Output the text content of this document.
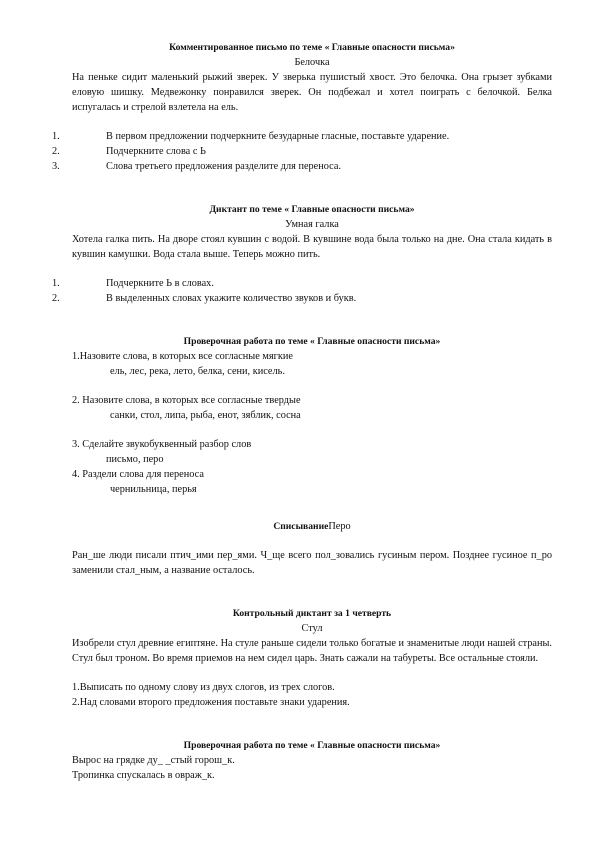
Комментированное письмо по теме « Главные опасности письма»
Белочка

На пеньке сидит маленький рыжий зверек. У зверька пушистый хвост. Это белочка. Она грызет зубками еловую шишку. Медвежонку понравился зверек. Он подбежал и хотел поиграть с белочкой. Белка испугалась и стрелой взлетела на ель.

1.	В первом предложении подчеркните безударные гласные, поставьте ударение.
2.	Подчеркните слова с Ь
3.	Слова третьего предложения разделите для переноса.
Диктант по теме « Главные опасности письма»
Умная галка

Хотела галка пить. На дворе стоял кувшин с водой. В кувшине вода была только на дне. Она стала кидать в кувшин камушки. Вода стала выше. Теперь можно пить.

1.	Подчеркните Ь в словах.
2.	В выделенных словах укажите количество звуков и букв.
Проверочная работа по теме « Главные опасности письма»

1.Назовите слова, в которых все согласные мягкие

ель, лес, река, лето, белка, сени, кисель.

2. Назовите слова, в которых все согласные твердые

санки, стол, липа, рыба, енот, зяблик, сосна

3. Сделайте звукобуквенный разбор слов

письмо, перо

4. Раздели слова для переноса

чернильница, перья

СписываниеПеро

Ран_ше люди писали птич_ими пер_ями. Ч_ще всего пол_зовались гусиным пером. Позднее гусиное п_ро заменили стал_ным, а название осталось.

Контрольный диктант за 1 четверть
Стул

Изобрели стул древние египтяне. На стуле раньше сидели только богатые и знаменитые люди нашей страны. Стул был троном. Во время приемов на нем сидел царь. Знать сажали на табуреты. Все остальные стояли.

1.Выписать по одному слову из двух слогов, из трех слогов.

2.Над словами второго предложения поставьте знаки ударения.

Проверочная работа по теме « Главные опасности письма»

Вырос на грядке ду_ _стый горош_к.

Тропинка спускалась в овраж_к.
